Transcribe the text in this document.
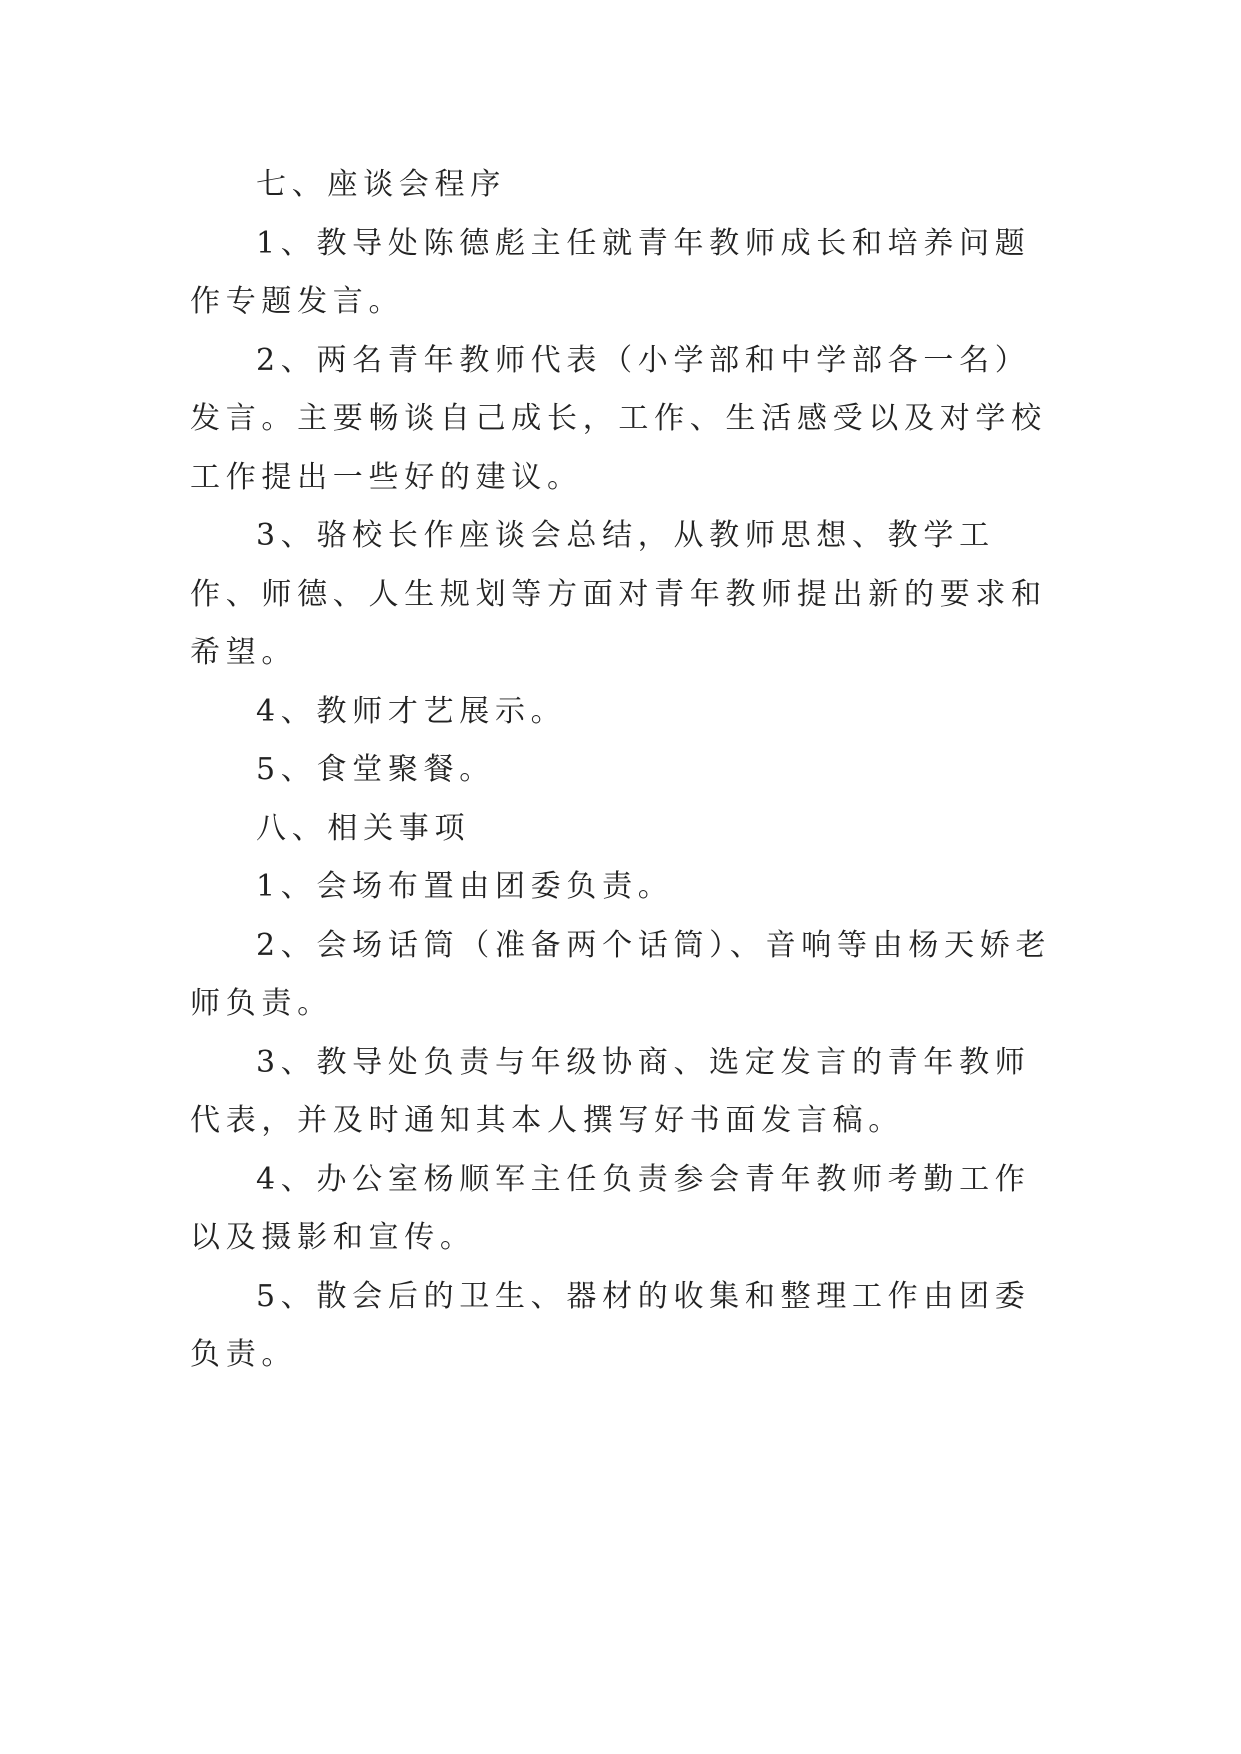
七、座谈会程序

1、教导处陈德彪主任就青年教师成长和培养问题作专题发言。

2、两名青年教师代表（小学部和中学部各一名）发言。主要畅谈自己成长，工作、生活感受以及对学校工作提出一些好的建议。

3、骆校长作座谈会总结，从教师思想、教学工作、师德、人生规划等方面对青年教师提出新的要求和希望。

4、教师才艺展示。

5、食堂聚餐。

八、相关事项

1、会场布置由团委负责。

2、会场话筒（准备两个话筒）、音响等由杨天娇老师负责。

3、教导处负责与年级协商、选定发言的青年教师代表，并及时通知其本人撰写好书面发言稿。

4、办公室杨顺军主任负责参会青年教师考勤工作以及摄影和宣传。

5、散会后的卫生、器材的收集和整理工作由团委负责。
